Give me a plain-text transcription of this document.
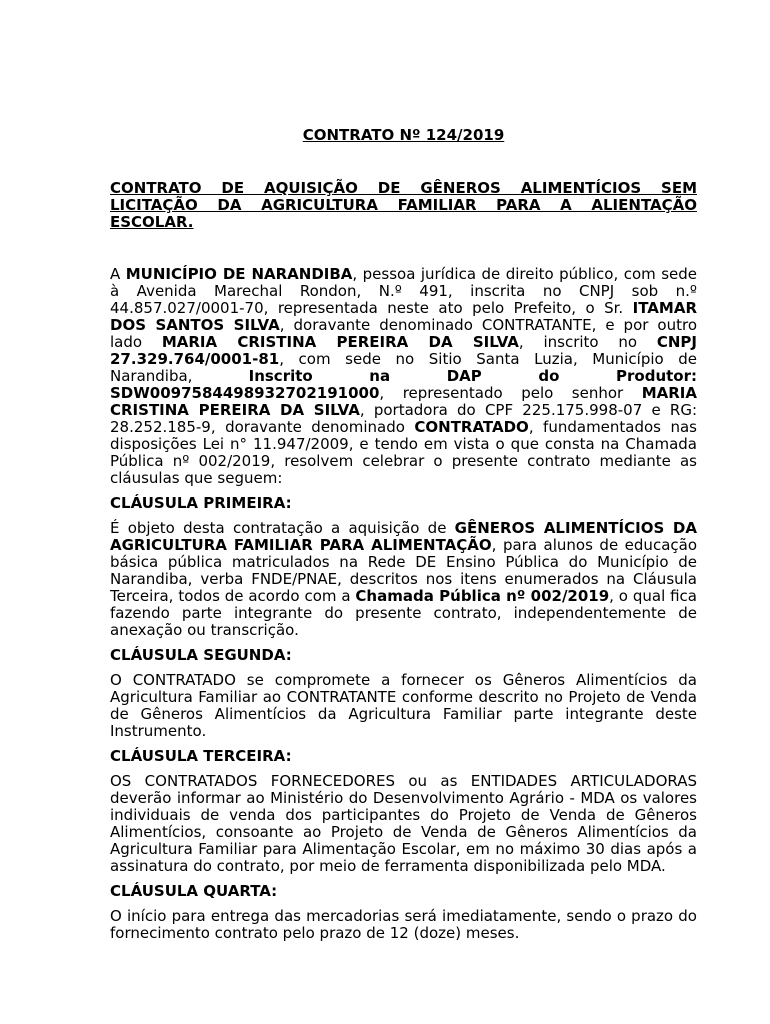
CONTRATO Nº 124/2019
CONTRATO DE AQUISIÇÃO DE GÊNEROS ALIMENTÍCIOS SEM LICITAÇÃO DA AGRICULTURA FAMILIAR PARA A ALIENTAÇÃO ESCOLAR.

A MUNICÍPIO DE NARANDIBA, pessoa jurídica de direito público, com sede à Avenida Marechal Rondon, N.º 491, inscrita no CNPJ sob n.º 44.857.027/0001-70, representada neste ato pelo Prefeito, o Sr. ITAMAR DOS SANTOS SILVA, doravante denominado CONTRATANTE, e por outro lado MARIA CRISTINA PEREIRA DA SILVA, inscrito no CNPJ 27.329.764/0001-81, com sede no Sitio Santa Luzia, Município de Narandiba, Inscrito na DAP do Produtor: SDW0097584498932702191000, representado pelo senhor MARIA CRISTINA PEREIRA DA SILVA, portadora do CPF 225.175.998-07 e RG: 28.252.185-9, doravante denominado CONTRATADO, fundamentados nas disposições Lei n° 11.947/2009, e tendo em vista o que consta na Chamada Pública nº 002/2019, resolvem celebrar o presente contrato mediante as cláusulas que seguem:

CLÁUSULA PRIMEIRA:

É objeto desta contratação a aquisição de GÊNEROS ALIMENTÍCIOS DA AGRICULTURA FAMILIAR PARA ALIMENTAÇÃO, para alunos de educação básica pública matriculados na Rede DE Ensino Pública do Município de Narandiba, verba FNDE/PNAE, descritos nos itens enumerados na Cláusula Terceira, todos de acordo com a Chamada Pública nº 002/2019, o qual fica fazendo parte integrante do presente contrato, independentemente de anexação ou transcrição.

CLÁUSULA SEGUNDA:

O CONTRATADO se compromete a fornecer os Gêneros Alimentícios da Agricultura Familiar ao CONTRATANTE conforme descrito no Projeto de Venda de Gêneros Alimentícios da Agricultura Familiar parte integrante deste Instrumento.

CLÁUSULA TERCEIRA:

OS CONTRATADOS FORNECEDORES ou as ENTIDADES ARTICULADORAS deverão informar ao Ministério do Desenvolvimento Agrário - MDA os valores individuais de venda dos participantes do Projeto de Venda de Gêneros Alimentícios, consoante ao Projeto de Venda de Gêneros Alimentícios da Agricultura Familiar para Alimentação Escolar, em no máximo 30 dias após a assinatura do contrato, por meio de ferramenta disponibilizada pelo MDA.

CLÁUSULA QUARTA:

O início para entrega das mercadorias será imediatamente, sendo o prazo do fornecimento contrato pelo prazo de 12 (doze) meses.
